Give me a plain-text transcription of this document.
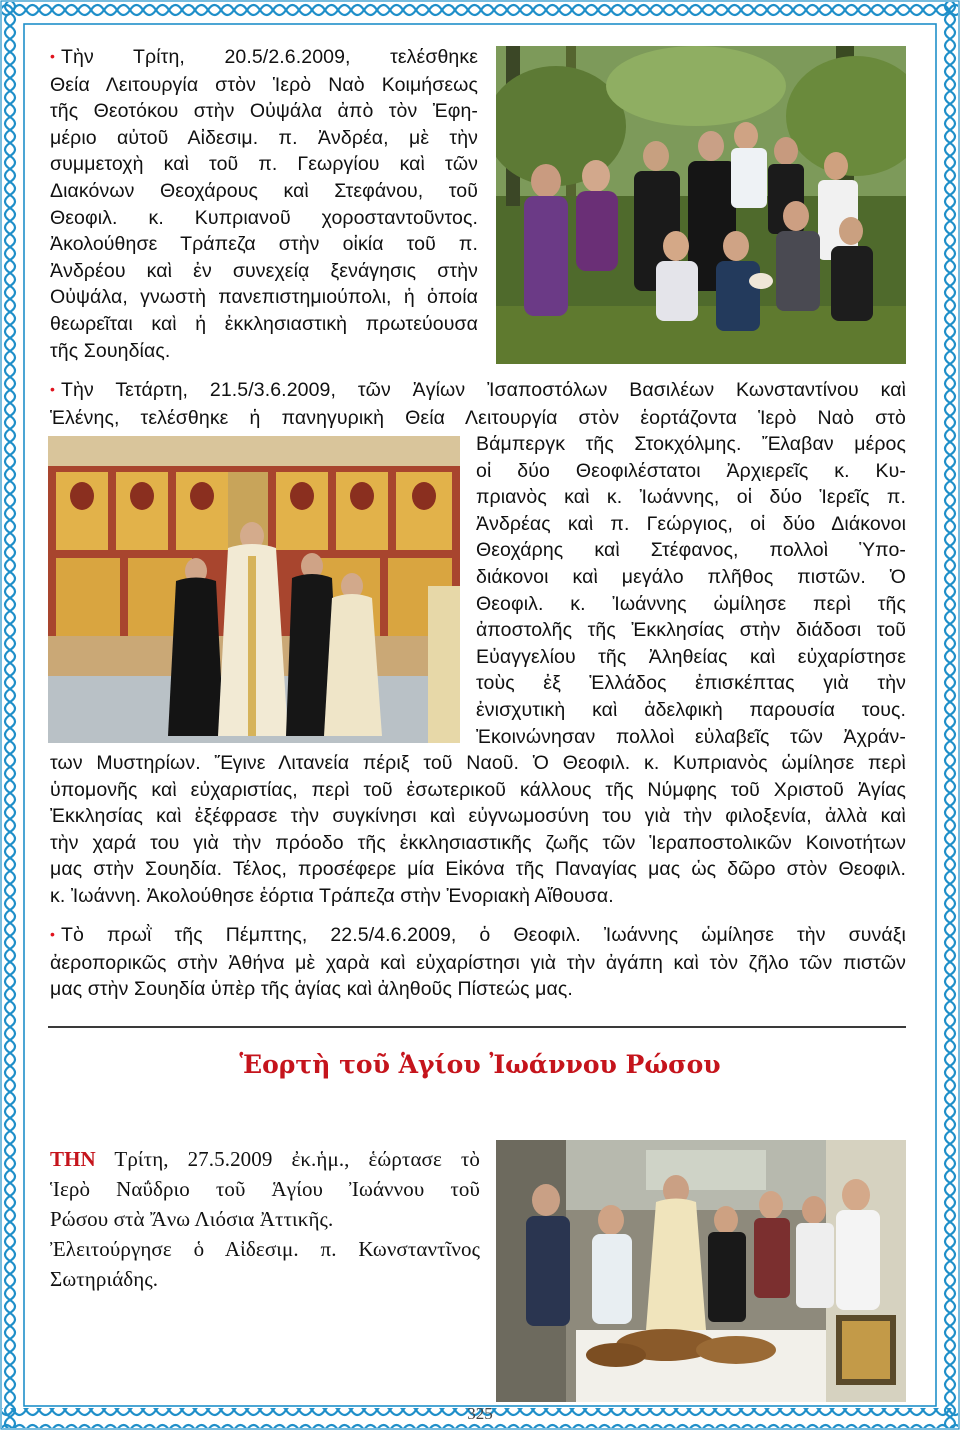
• Τὴν Τρίτη, 20.5/2.6.2009, τελέσθηκε

Θεία Λειτουργία στὸν Ἱερὸ Ναὸ Κοιμήσεως

τῆς Θεοτόκου στὴν Οὐψάλα ἀπὸ τὸν Ἐφη-

μέριο αὐτοῦ Αἰδεσιμ. π. Ἀνδρέα, μὲ τὴν

συμμετοχὴ καὶ τοῦ π. Γεωργίου καὶ τῶν

Διακόνων Θεοχάρους καὶ Στεφάνου, τοῦ

Θεοφιλ. κ. Κυπριανοῦ χοροσταντοῦντος.

Ἀκολούθησε Τράπεζα στὴν οἰκία τοῦ π.

Ἀνδρέου καὶ ἐν συνεχείᾳ ξενάγησις στὴν

Οὐψάλα, γνωστὴ πανεπιστημιούπολι, ἡ ὁποία

θεωρεῖται καὶ ἡ ἐκκλησιαστικὴ πρωτεύουσα

τῆς Σουηδίας.

• Τὴν Τετάρτη, 21.5/3.6.2009, τῶν Ἁγίων Ἰσαποστόλων Βασιλέων Κωνσταντίνου καὶ

Ἑλένης, τελέσθηκε ἡ πανηγυρικὴ Θεία Λειτουργία στὸν ἑορτάζοντα Ἱερὸ Ναὸ στὸ

Βάμπεργκ τῆς Στοκχόλμης. Ἔλαβαν μέρος

οἱ δύο Θεοφιλέστατοι Ἀρχιερεῖς κ. Κυ-

πριανὸς καὶ κ. Ἰωάννης, οἱ δύο Ἱερεῖς π.

Ἀνδρέας καὶ π. Γεώργιος, οἱ δύο Διάκονοι

Θεοχάρης καὶ Στέφανος, πολλοὶ Ὑπο-

διάκονοι καὶ μεγάλο πλῆθος πιστῶν. Ὁ

Θεοφιλ. κ. Ἰωάννης ὡμίλησε περὶ τῆς

ἀποστολῆς τῆς Ἐκκλησίας στὴν διάδοσι τοῦ

Εὐαγγελίου τῆς Ἀληθείας καὶ εὐχαρίστησε

τοὺς ἐξ Ἑλλάδος ἐπισκέπτας γιὰ τὴν

ἐνισχυτικὴ καὶ ἀδελφικὴ παρουσία τους.

Ἐκοινώνησαν πολλοὶ εὐλαβεῖς τῶν Ἀχράν-

των Μυστηρίων. Ἔγινε Λιτανεία πέριξ τοῦ Ναοῦ. Ὁ Θεοφιλ. κ. Κυπριανὸς ὡμίλησε περὶ

ὑπομονῆς καὶ εὐχαριστίας, περὶ τοῦ ἐσωτερικοῦ κάλλους τῆς Νύμφης τοῦ Χριστοῦ Ἁγίας

Ἐκκλησίας καὶ ἐξέφρασε τὴν συγκίνησι καὶ εὐγνωμοσύνη του γιὰ τὴν φιλοξενία, ἀλλὰ καὶ

τὴν χαρά του γιὰ τὴν πρόοδο τῆς ἐκκλησιαστικῆς ζωῆς τῶν Ἱεραποστολικῶν Κοινοτήτων

μας στὴν Σουηδία. Τέλος, προσέφερε μία Εἰκόνα τῆς Παναγίας μας ὡς δῶρο στὸν Θεοφιλ.

κ. Ἰωάννη. Ἀκολούθησε ἑόρτια Τράπεζα στὴν Ἐνοριακὴ Αἴθουσα.

• Τὸ πρωῒ τῆς Πέμπτης, 22.5/4.6.2009, ὁ Θεοφιλ. Ἰωάννης ὡμίλησε τὴν συνάξι

ἀεροπορικῶς στὴν Ἀθήνα μὲ χαρὰ καὶ εὐχαρίστησι γιὰ τὴν ἀγάπη καὶ τὸν ζῆλο τῶν πιστῶν

μας στὴν Σουηδία ὑπὲρ τῆς ἁγίας καὶ ἀληθοῦς Πίστεώς μας.

Ἑορτὴ τοῦ Ἁγίου Ἰωάννου Ρώσου

ΤΗΝ Τρίτη, 27.5.2009 ἐκ.ἡμ., ἑώρτασε τὸ

Ἱερὸ Ναΰδριο τοῦ Ἁγίου Ἰωάννου τοῦ

Ρώσου στὰ Ἄνω Λιόσια Ἀττικῆς.

Ἐλειτούργησε ὁ Αἰδεσιμ. π. Κωνσταντῖνος

Σωτηριάδης.

325
